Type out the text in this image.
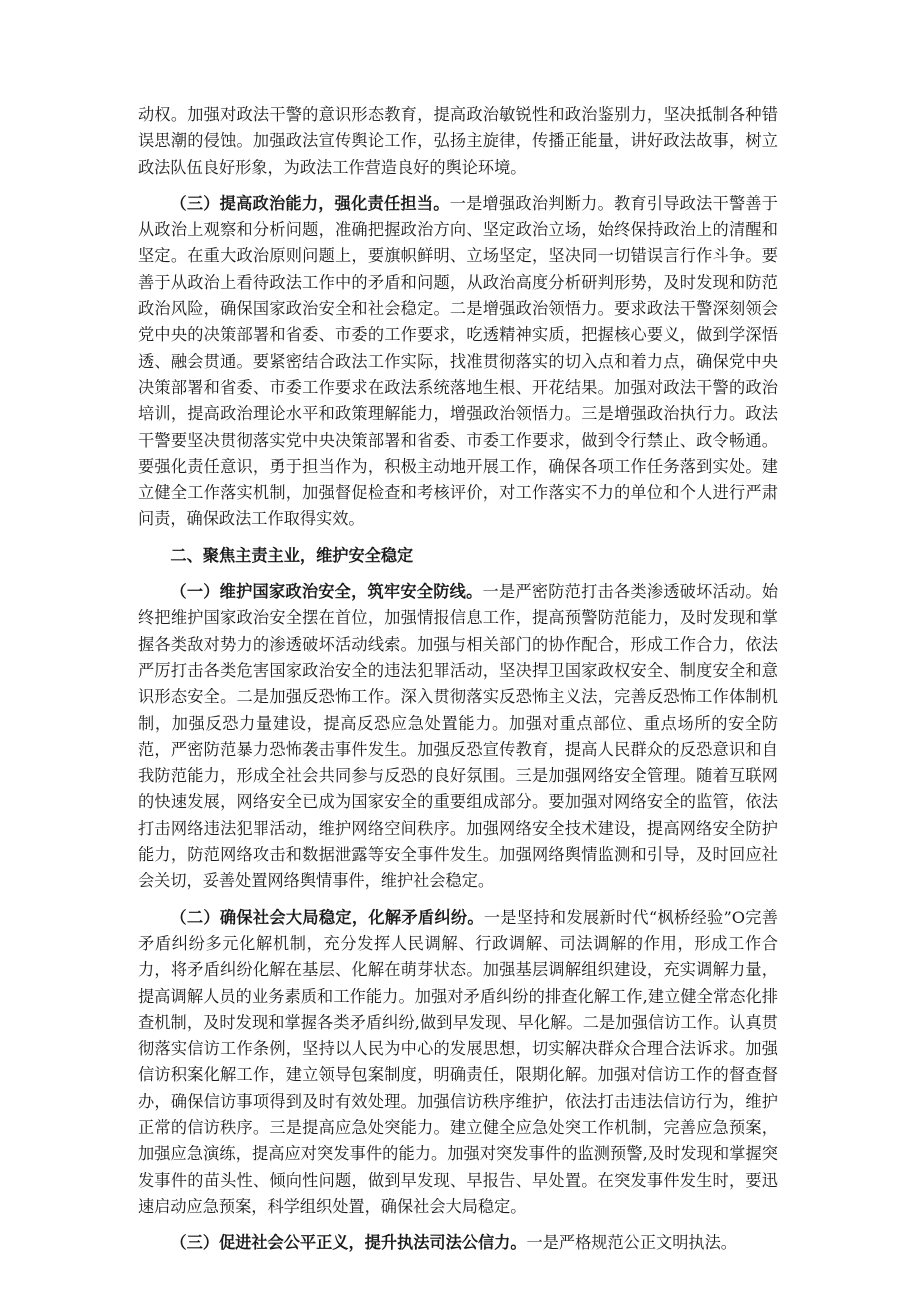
动权。加强对政法干警的意识形态教育，提高政治敏锐性和政治鉴别力，坚决抵制各种错误思潮的侵蚀。加强政法宣传舆论工作，弘扬主旋律，传播正能量，讲好政法故事，树立政法队伍良好形象，为政法工作营造良好的舆论环境。

（三）提高政治能力，强化责任担当。一是增强政治判断力。教育引导政法干警善于从政治上观察和分析问题，准确把握政治方向、坚定政治立场，始终保持政治上的清醒和坚定。在重大政治原则问题上，要旗帜鲜明、立场坚定，坚决同一切错误言行作斗争。要善于从政治上看待政法工作中的矛盾和问题，从政治高度分析研判形势，及时发现和防范政治风险，确保国家政治安全和社会稳定。二是增强政治领悟力。要求政法干警深刻领会党中央的决策部署和省委、市委的工作要求，吃透精神实质，把握核心要义，做到学深悟透、融会贯通。要紧密结合政法工作实际，找准贯彻落实的切入点和着力点，确保党中央决策部署和省委、市委工作要求在政法系统落地生根、开花结果。加强对政法干警的政治培训，提高政治理论水平和政策理解能力，增强政治领悟力。三是增强政治执行力。政法干警要坚决贯彻落实党中央决策部署和省委、市委工作要求，做到令行禁止、政令畅通。要强化责任意识，勇于担当作为，积极主动地开展工作，确保各项工作任务落到实处。建立健全工作落实机制，加强督促检查和考核评价，对工作落实不力的单位和个人进行严肃问责，确保政法工作取得实效。

二、聚焦主责主业，维护安全稳定

（一）维护国家政治安全，筑牢安全防线。一是严密防范打击各类渗透破坏活动。始终把维护国家政治安全摆在首位，加强情报信息工作，提高预警防范能力，及时发现和掌握各类敌对势力的渗透破坏活动线索。加强与相关部门的协作配合，形成工作合力，依法严厉打击各类危害国家政治安全的违法犯罪活动，坚决捍卫国家政权安全、制度安全和意识形态安全。二是加强反恐怖工作。深入贯彻落实反恐怖主义法，完善反恐怖工作体制机制，加强反恐力量建设，提高反恐应急处置能力。加强对重点部位、重点场所的安全防范，严密防范暴力恐怖袭击事件发生。加强反恐宣传教育，提高人民群众的反恐意识和自我防范能力，形成全社会共同参与反恐的良好氛围。三是加强网络安全管理。随着互联网的快速发展，网络安全已成为国家安全的重要组成部分。要加强对网络安全的监管，依法打击网络违法犯罪活动，维护网络空间秩序。加强网络安全技术建设，提高网络安全防护能力，防范网络攻击和数据泄露等安全事件发生。加强网络舆情监测和引导，及时回应社会关切，妥善处置网络舆情事件，维护社会稳定。

（二）确保社会大局稳定，化解矛盾纠纷。一是坚持和发展新时代“枫桥经验”O完善矛盾纠纷多元化解机制，充分发挥人民调解、行政调解、司法调解的作用，形成工作合力，将矛盾纠纷化解在基层、化解在萌芽状态。加强基层调解组织建设，充实调解力量，提高调解人员的业务素质和工作能力。加强对矛盾纠纷的排查化解工作,建立健全常态化排查机制，及时发现和掌握各类矛盾纠纷,做到早发现、早化解。二是加强信访工作。认真贯彻落实信访工作条例，坚持以人民为中心的发展思想，切实解决群众合理合法诉求。加强信访积案化解工作，建立领导包案制度，明确责任，限期化解。加强对信访工作的督查督办，确保信访事项得到及时有效处理。加强信访秩序维护，依法打击违法信访行为，维护正常的信访秩序。三是提高应急处突能力。建立健全应急处突工作机制，完善应急预案，加强应急演练，提高应对突发事件的能力。加强对突发事件的监测预警,及时发现和掌握突发事件的苗头性、倾向性问题，做到早发现、早报告、早处置。在突发事件发生时，要迅速启动应急预案，科学组织处置，确保社会大局稳定。

（三）促进社会公平正义，提升执法司法公信力。一是严格规范公正文明执法。
